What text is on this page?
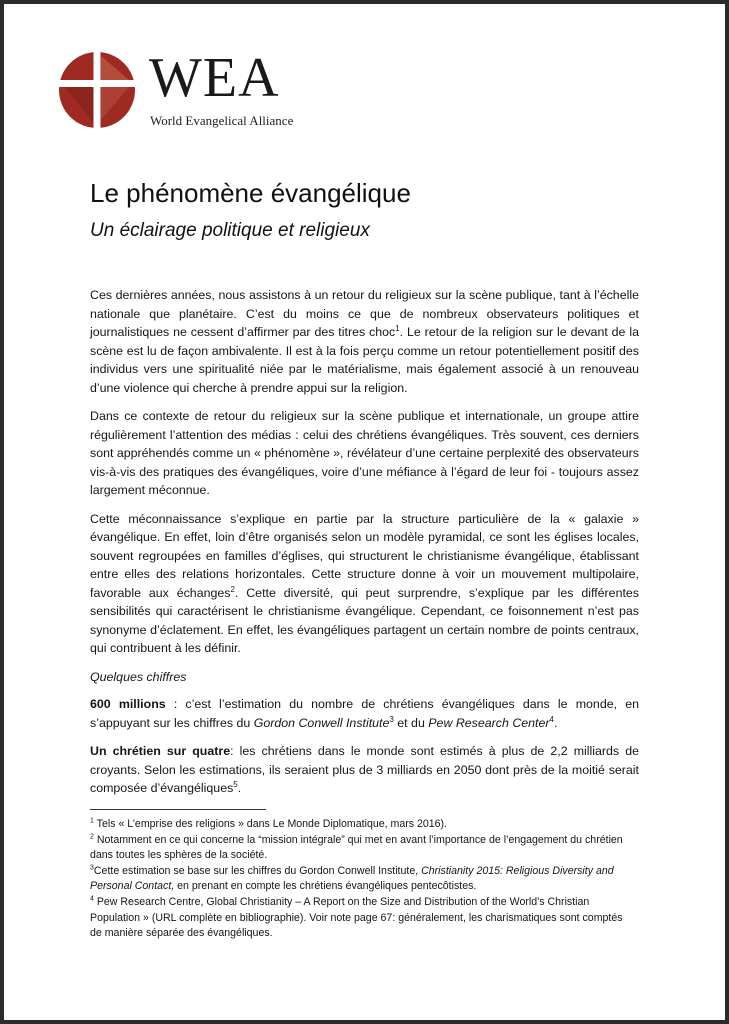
WEA
World Evangelical Alliance
Le phénomène évangélique
Un éclairage politique et religieux

Ces dernières années, nous assistons à un retour du religieux sur la scène publique, tant à l’échelle nationale que planétaire. C’est du moins ce que de nombreux observateurs politiques et journalistiques ne cessent d’affirmer par des titres choc$^1$. Le retour de la religion sur le devant de la scène est lu de façon ambivalente. Il est à la fois perçu comme un retour potentiellement positif des individus vers une spiritualité niée par le matérialisme, mais également associé à un renouveau d’une violence qui cherche à prendre appui sur la religion.

Dans ce contexte de retour du religieux sur la scène publique et internationale, un groupe attire régulièrement l’attention des médias : celui des chrétiens évangéliques. Très souvent, ces derniers sont appréhendés comme un « phénomène », révélateur d’une certaine perplexité des observateurs vis-à-vis des pratiques des évangéliques, voire d’une méfiance à l’égard de leur foi - toujours assez largement méconnue.

Cette méconnaissance s’explique en partie par la structure particulière de la « galaxie » évangélique. En effet, loin d’être organisés selon un modèle pyramidal, ce sont les églises locales, souvent regroupées en familles d’églises, qui structurent le christianisme évangélique, établissant entre elles des relations horizontales. Cette structure donne à voir un mouvement multipolaire, favorable aux échanges$^2$. Cette diversité, qui peut surprendre, s’explique par les différentes sensibilités qui caractérisent le christianisme évangélique. Cependant, ce foisonnement n’est pas synonyme d’éclatement. En effet, les évangéliques partagent un certain nombre de points centraux, qui contribuent à les définir.

Quelques chiffres

600 millions : c’est l’estimation du nombre de chrétiens évangéliques dans le monde, en s’appuyant sur les chiffres du Gordon Conwell Institute$^3$ et du Pew Research Center$^4$.

Un chrétien sur quatre: les chrétiens dans le monde sont estimés à plus de 2,2 milliards de croyants. Selon les estimations, ils seraient plus de 3 milliards en 2050 dont près de la moitié serait composée d’évangéliques$^5$.

$^1$ Tels « L’emprise des religions » dans Le Monde Diplomatique, mars 2016).

$^2$ Notamment en ce qui concerne la “mission intégrale” qui met en avant l’importance de l’engagement du chrétien dans toutes les sphères de la société.

$^3$Cette estimation se base sur les chiffres du Gordon Conwell Institute, Christianity 2015: Religious Diversity and Personal Contact, en prenant en compte les chrétiens évangéliques pentecôtistes.

$^4$ Pew Research Centre, Global Christianity – A Report on the Size and Distribution of the World’s Christian Population » (URL complète en bibliographie). Voir note page 67: généralement, les charismatiques sont comptés de manière séparée des évangéliques.
